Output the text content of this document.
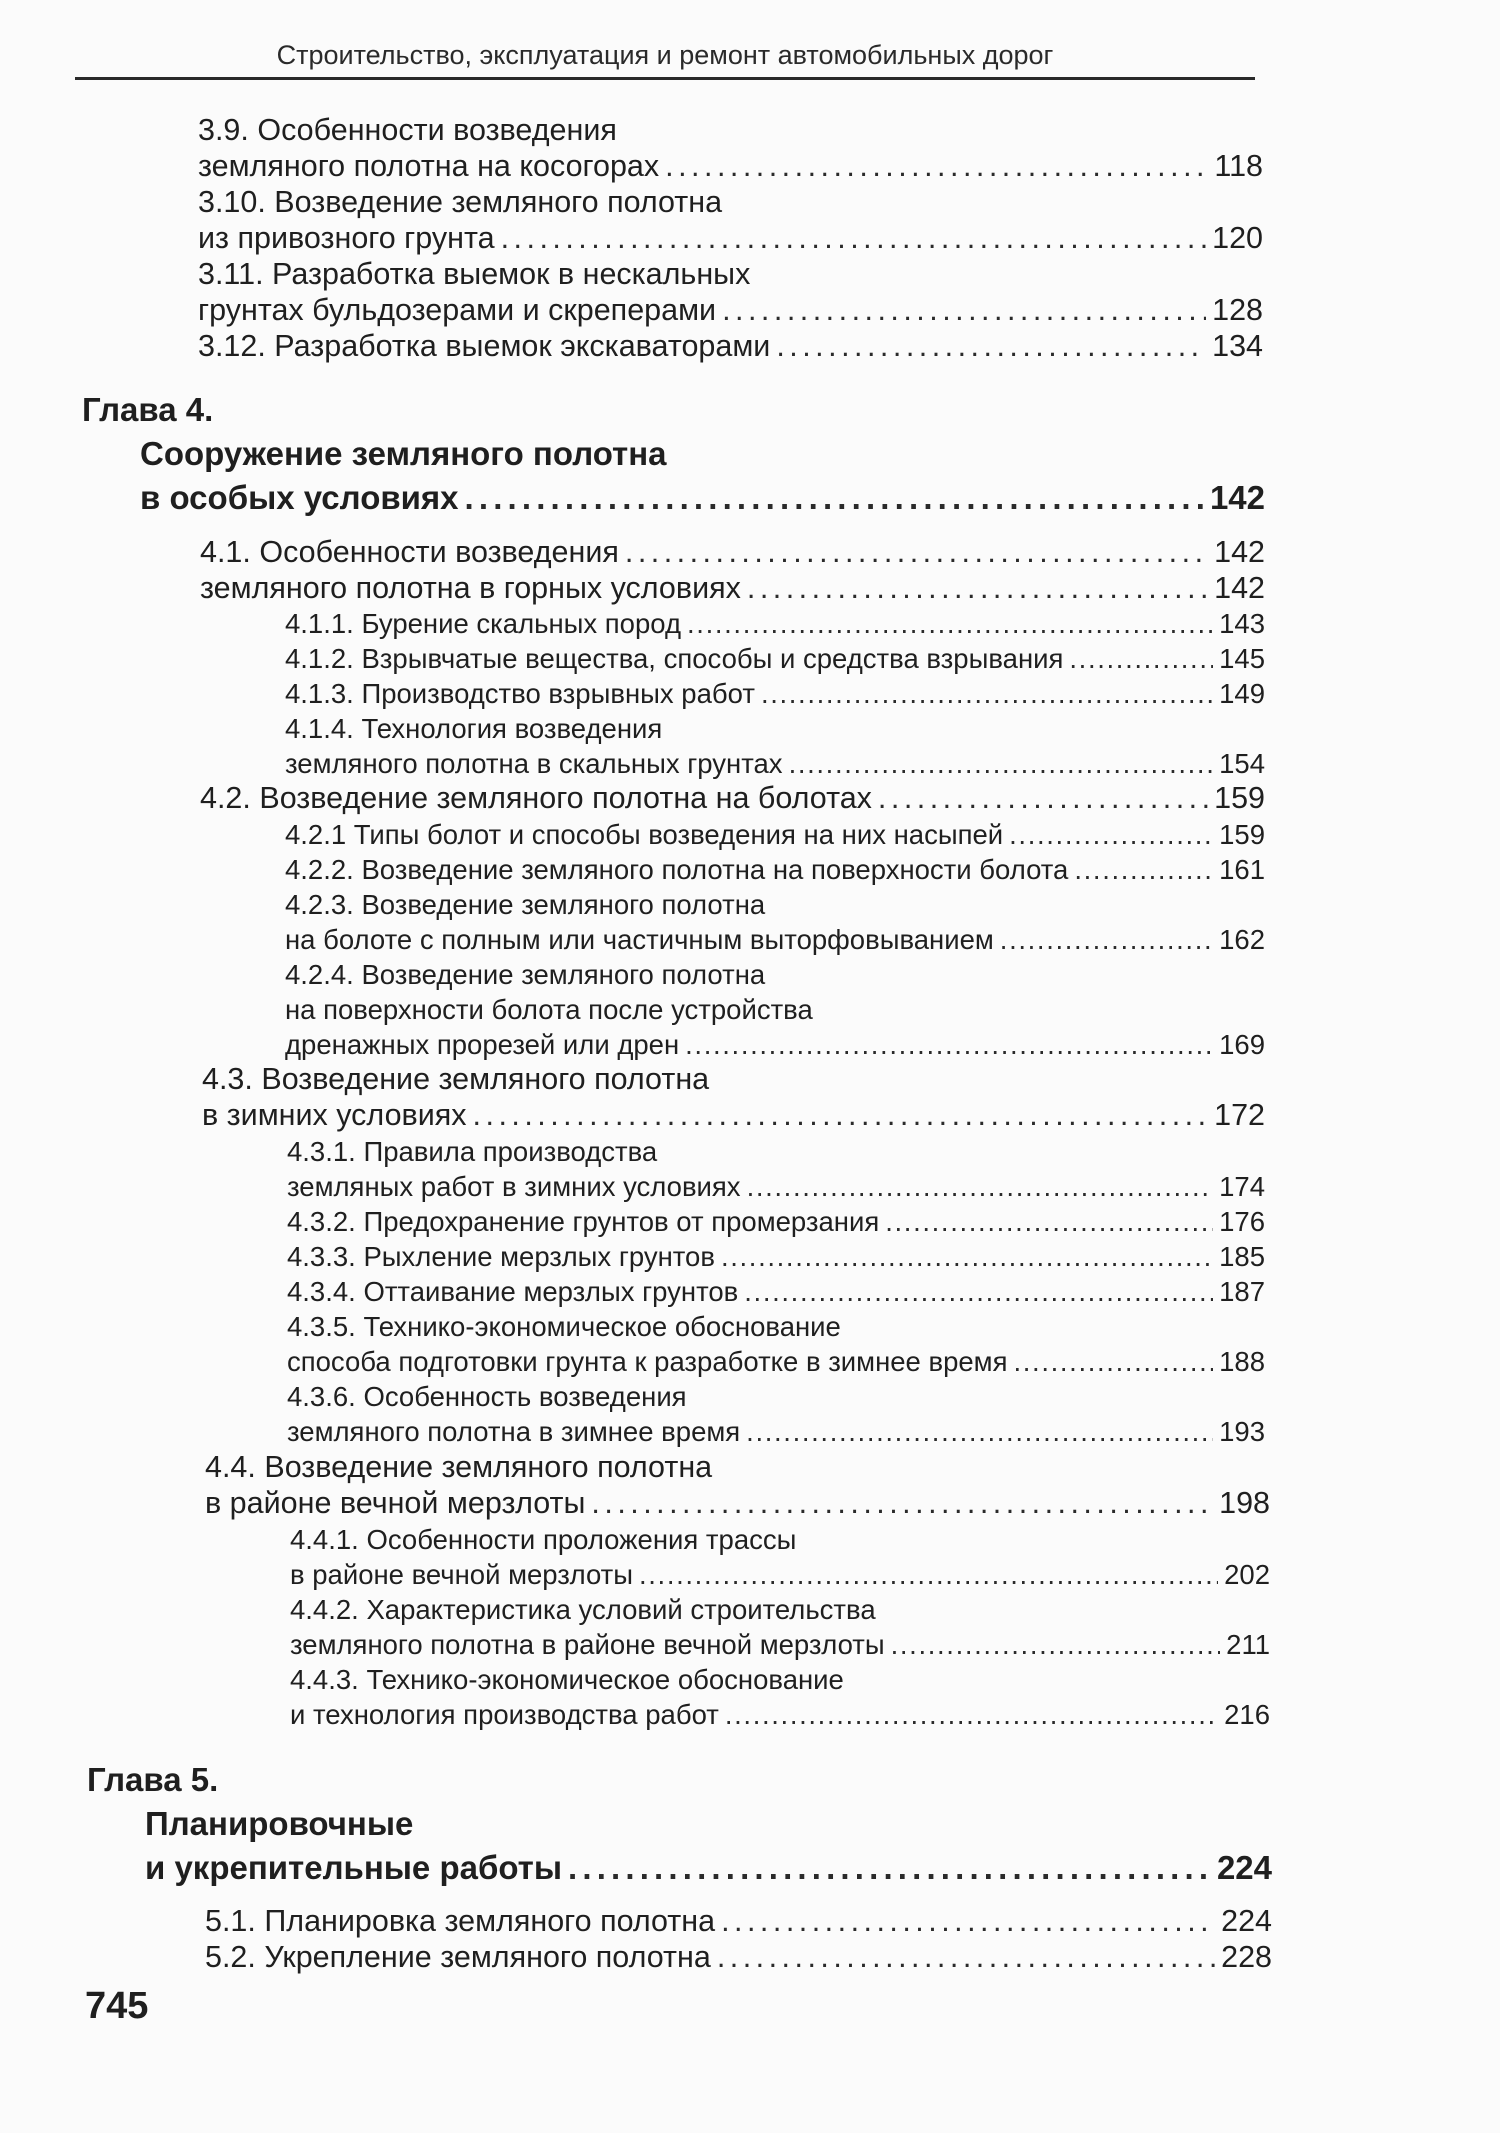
Строительство, эксплуатация и ремонт автомобильных дорог
3.9. Особенности возведения
земляного полотна на косогорах . . .	118
3.10. Возведение земляного полотна
из привозного грунта . . .	120
3.11. Разработка выемок в нескальных
грунтах бульдозерами и скреперами . . .	128
3.12. Разработка выемок экскаваторами . . .	134
Глава 4.
Сооружение земляного полотна
в особых условиях . . .	142
4.1. Особенности возведения . . .	142
земляного полотна в горных условиях . . .	142
4.1.1. Бурение скальных пород . . .	143
4.1.2. Взрывчатые вещества, способы и средства взрывания . . .	145
4.1.3. Производство взрывных работ . . .	149
4.1.4. Технология возведения
земляного полотна в скальных грунтах . . .	154
4.2. Возведение земляного полотна на болотах . . .	159
4.2.1 Типы болот и способы возведения на них насыпей . . .	159
4.2.2. Возведение земляного полотна на поверхности болота . . .	161
4.2.3. Возведение земляного полотна
на болоте с полным или частичным выторфовыванием . . .	162
4.2.4. Возведение земляного полотна
на поверхности болота после устройства
дренажных прорезей или дрен . . .	169
4.3. Возведение земляного полотна
в зимних условиях . . .	172
4.3.1. Правила производства
земляных работ в зимних условиях . . .	174
4.3.2. Предохранение грунтов от промерзания . . .	176
4.3.3. Рыхление мерзлых грунтов . . .	185
4.3.4. Оттаивание мерзлых грунтов . . .	187
4.3.5. Технико-экономическое обоснование
способа подготовки грунта к разработке в зимнее время . . .	188
4.3.6. Особенность возведения
земляного полотна в зимнее время . . .	193
4.4. Возведение земляного полотна
в районе вечной мерзлоты . . .	198
4.4.1. Особенности проложения трассы
в районе вечной мерзлоты . . .	202
4.4.2. Характеристика условий строительства
земляного полотна в районе вечной мерзлоты . . .	211
4.4.3. Технико-экономическое обоснование
и технология производства работ . . .	216
Глава 5.
Планировочные
и укрепительные работы . . .	224
5.1. Планировка земляного полотна . . .	224
5.2. Укрепление земляного полотна . . .	228
745
